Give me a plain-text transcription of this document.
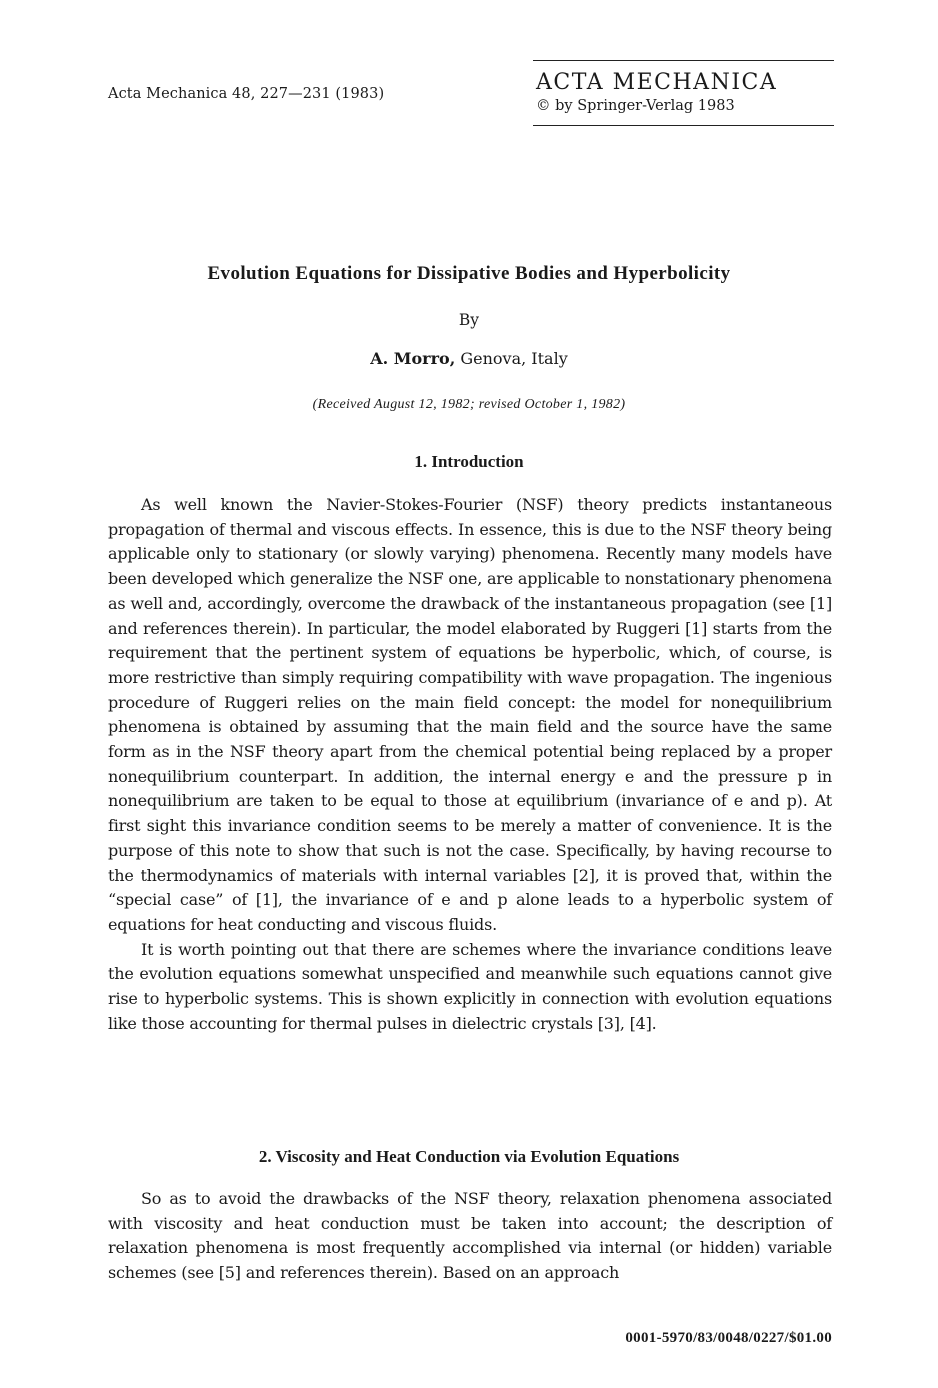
Acta Mechanica 48, 227—231 (1983)	ACTA MECHANICA
© by Springer-Verlag 1983
Evolution Equations for Dissipative Bodies and Hyperbolicity
By
A. Morro, Genova, Italy
(Received August 12, 1982; revised October 1, 1982)
1. Introduction

As well known the Navier-Stokes-Fourier (NSF) theory predicts instantaneous propagation of thermal and viscous effects. In essence, this is due to the NSF theory being applicable only to stationary (or slowly varying) phenomena. Recently many models have been developed which generalize the NSF one, are applicable to nonstationary phenomena as well and, accordingly, overcome the drawback of the instantaneous propagation (see [1] and references therein). In particular, the model elaborated by Ruggeri [1] starts from the requirement that the pertinent system of equations be hyperbolic, which, of course, is more restrictive than simply requiring compatibility with wave propagation. The ingenious procedure of Ruggeri relies on the main field concept: the model for nonequilibrium phenomena is obtained by assuming that the main field and the source have the same form as in the NSF theory apart from the chemical potential being replaced by a proper nonequilibrium counterpart. In addition, the internal energy e and the pressure p in nonequilibrium are taken to be equal to those at equilibrium (invariance of e and p). At first sight this invariance condition seems to be merely a matter of convenience. It is the purpose of this note to show that such is not the case. Specifically, by having recourse to the thermodynamics of materials with internal variables [2], it is proved that, within the “special case” of [1], the invariance of e and p alone leads to a hyperbolic system of equations for heat conducting and viscous fluids.

It is worth pointing out that there are schemes where the invariance conditions leave the evolution equations somewhat unspecified and meanwhile such equations cannot give rise to hyperbolic systems. This is shown explicitly in connection with evolution equations like those accounting for thermal pulses in dielectric crystals [3], [4].

2. Viscosity and Heat Conduction via Evolution Equations

So as to avoid the drawbacks of the NSF theory, relaxation phenomena associated with viscosity and heat conduction must be taken into account; the description of relaxation phenomena is most frequently accomplished via internal (or hidden) variable schemes (see [5] and references therein). Based on an approach

0001-5970/83/0048/0227/$01.00
